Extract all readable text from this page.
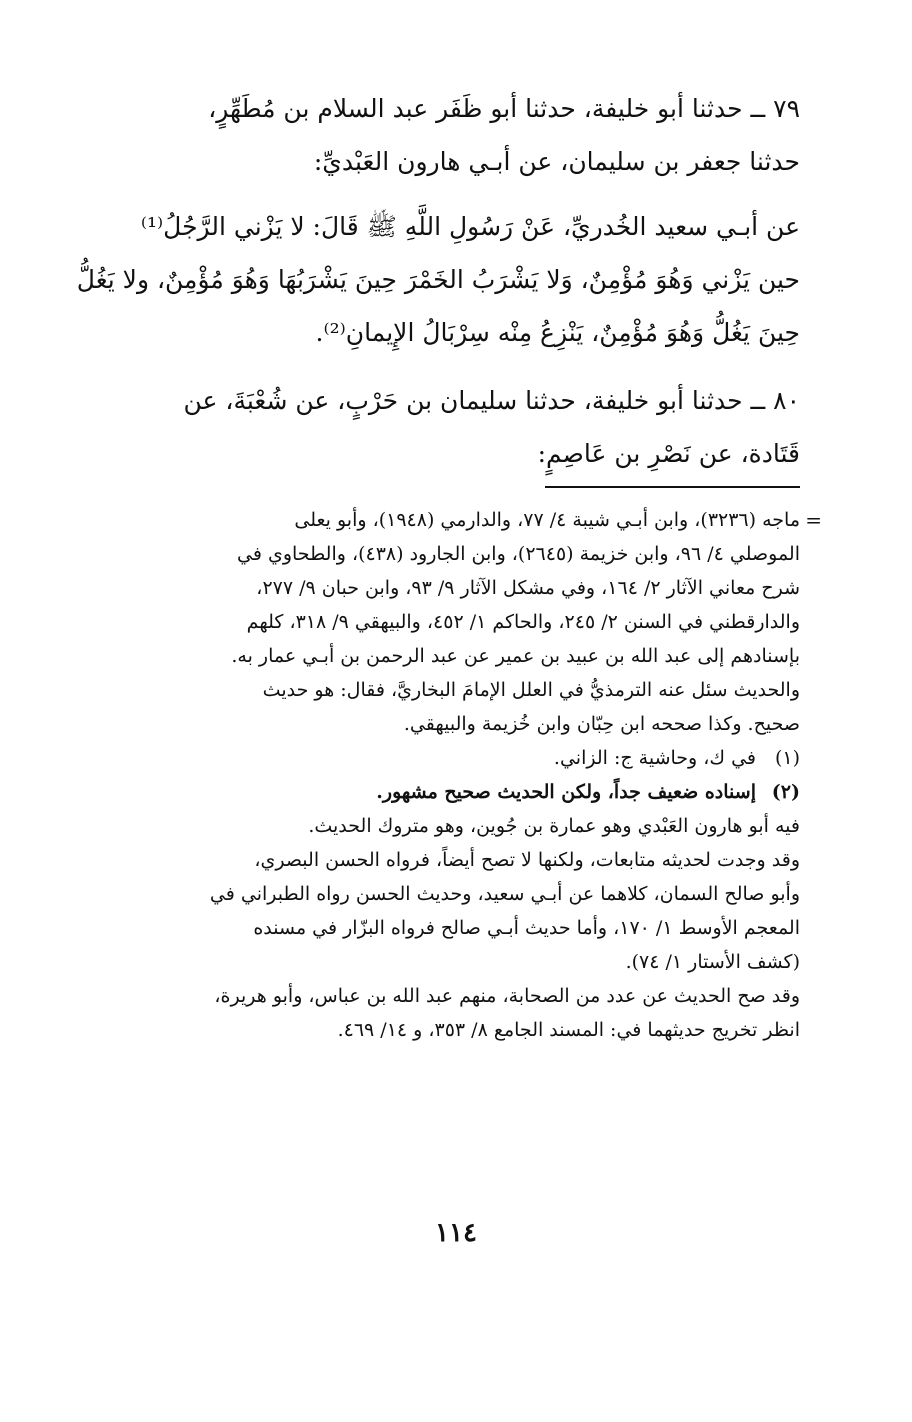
٧٩ ــ حدثنا أبو خليفة، حدثنا أبو ظَفَر عبد السلام بن مُطَهِّرٍ،
حدثنا جعفر بن سليمان، عن أبـي هارون العَبْديِّ:
عن أبـي سعيد الخُدريِّ، عَنْ رَسُولِ اللَّهِ ﷺ قَالَ: لا يَزْني الرَّجُلُ⁽¹⁾
حين يَزْني وَهُوَ مُؤْمِنٌ، وَلا يَشْرَبُ الخَمْرَ حِينَ يَشْرَبُهَا وَهُوَ مُؤْمِنٌ، ولا يَغُلُّ
حِينَ يَغُلُّ وَهُوَ مُؤْمِنٌ، يَنْزِعُ مِنْه سِرْبَالُ الإِيمانِ⁽²⁾.
٨٠ ــ حدثنا أبو خليفة، حدثنا سليمان بن حَرْبٍ، عن شُعْبَةَ، عن
قَتَادة، عن نَصْرِ بن عَاصِمٍ:
=
ماجه (٣٢٣٦)، وابن أبـي شيبة ٤/ ٧٧، والدارمي (١٩٤٨)، وأبو يعلى
الموصلي ٤/ ٩٦، وابن خزيمة (٢٦٤٥)، وابن الجارود (٤٣٨)، والطحاوي في
شرح معاني الآثار ٢/ ١٦٤، وفي مشكل الآثار ٩/ ٩٣، وابن حبان ٩/ ٢٧٧،
والدارقطني في السنن ٢/ ٢٤٥، والحاكم ١/ ٤٥٢، والبيهقي ٩/ ٣١٨، كلهم
بإسنادهم إلى عبد الله بن عبيد بن عمير عن عبد الرحمن بن أبـي عمار به.
والحديث سئل عنه الترمذيُّ في العلل الإمامَ البخاريَّ، فقال: هو حديث
صحيح. وكذا صححه ابن حِبّان وابن خُزيمة والبيهقي.
(١)
في ك، وحاشية ج: الزاني.
(٢)
إسناده ضعيف جداً، ولكن الحديث صحيح مشهور.
فيه أبو هارون العَبْدي وهو عمارة بن جُوين، وهو متروك الحديث.
وقد وجدت لحديثه متابعات، ولكنها لا تصح أيضاً، فرواه الحسن البصري،
وأبو صالح السمان، كلاهما عن أبـي سعيد، وحديث الحسن رواه الطبراني في
المعجم الأوسط ١/ ١٧٠، وأما حديث أبـي صالح فرواه البزّار في مسنده
(كشف الأستار ١/ ٧٤).
وقد صح الحديث عن عدد من الصحابة، منهم عبد الله بن عباس، وأبو هريرة،
انظر تخريج حديثهما في: المسند الجامع ٨/ ٣٥٣، و ١٤/ ٤٦٩.
١١٤
